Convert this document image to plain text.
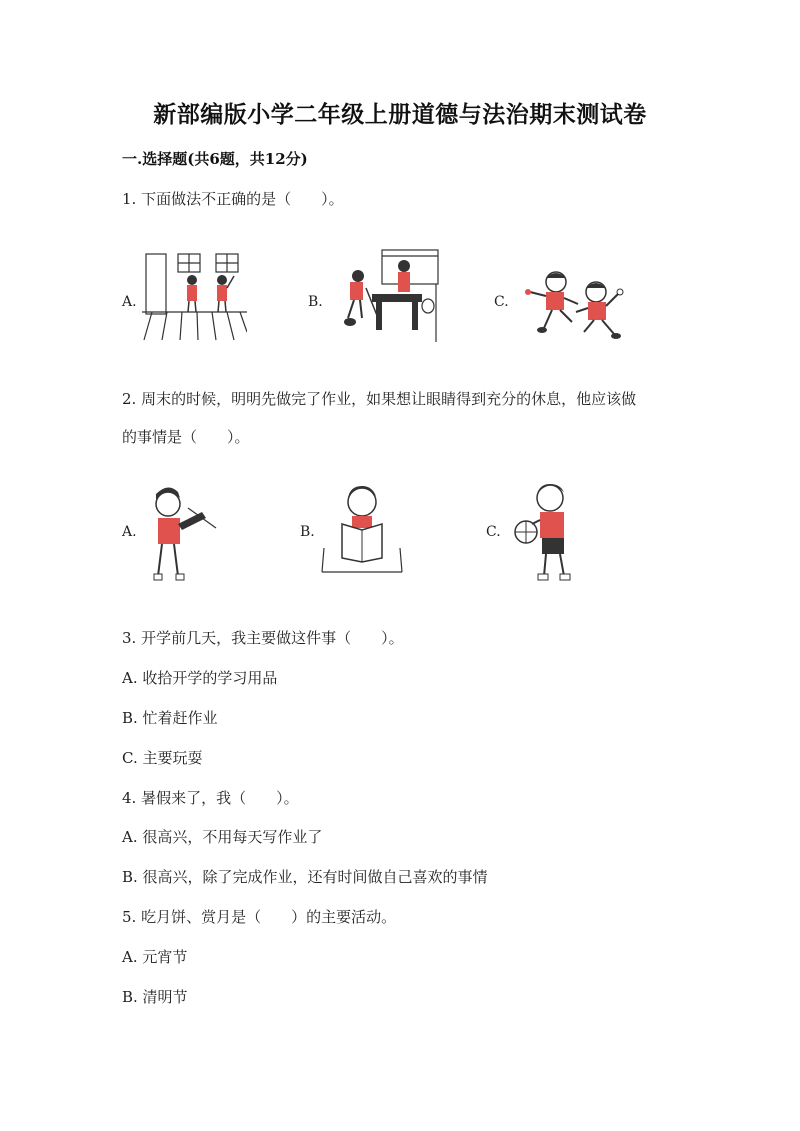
新部编版小学二年级上册道德与法治期末测试卷
一.选择题(共6题，共12分)
1. 下面做法不正确的是（　　）。
A.	B.	C.
2. 周末的时候，明明先做完了作业，如果想让眼睛得到充分的休息，他应该做
的事情是（　　）。
A.	B.	C.
3. 开学前几天，我主要做这件事（　　）。
A. 收拾开学的学习用品
B. 忙着赶作业
C. 主要玩耍
4. 暑假来了，我（　　）。
A. 很高兴，不用每天写作业了
B. 很高兴，除了完成作业，还有时间做自己喜欢的事情
5. 吃月饼、赏月是（　　）的主要活动。
A. 元宵节
B. 清明节
